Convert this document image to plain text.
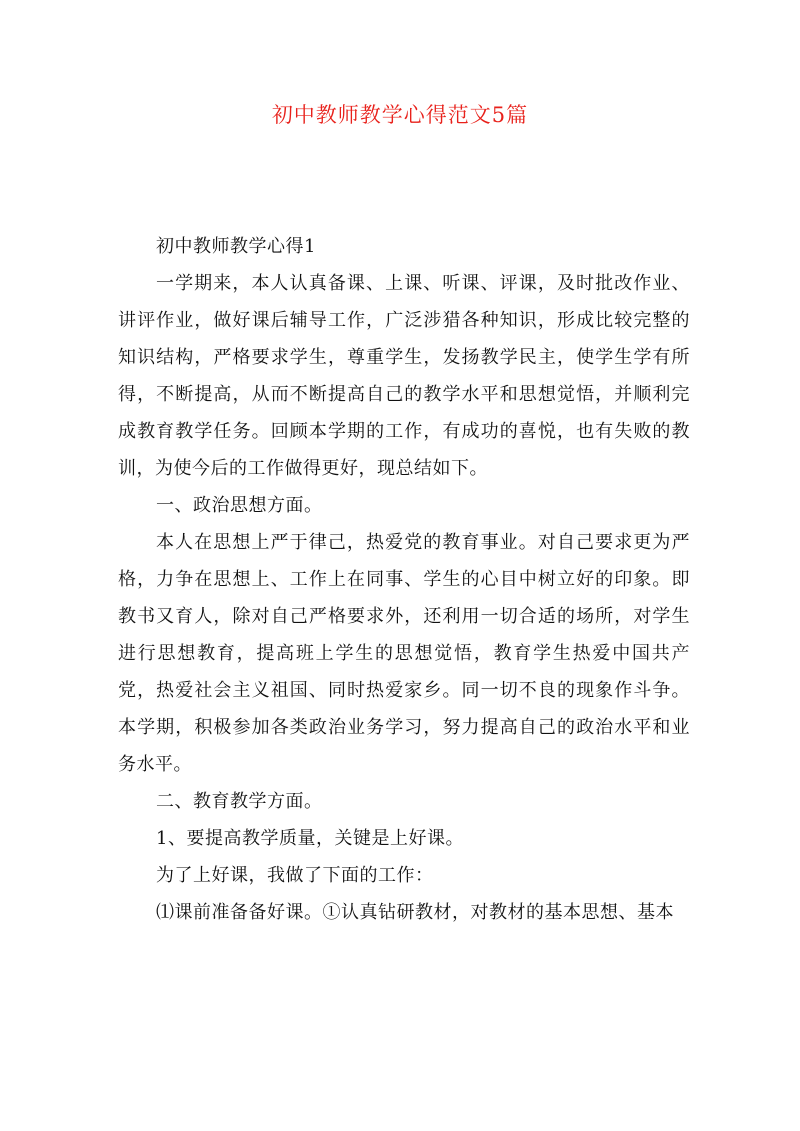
初中教师教学心得范文5篇

初中教师教学心得1

一学期来，本人认真备课、上课、听课、评课，及时批改作业、讲评作业，做好课后辅导工作，广泛涉猎各种知识，形成比较完整的知识结构，严格要求学生，尊重学生，发扬教学民主，使学生学有所得，不断提高，从而不断提高自己的教学水平和思想觉悟，并顺利完成教育教学任务。回顾本学期的工作，有成功的喜悦，也有失败的教训，为使今后的工作做得更好，现总结如下。

一、政治思想方面。

本人在思想上严于律己，热爱党的教育事业。对自己要求更为严格，力争在思想上、工作上在同事、学生的心目中树立好的印象。即教书又育人，除对自己严格要求外，还利用一切合适的场所，对学生进行思想教育，提高班上学生的思想觉悟，教育学生热爱中国共产党，热爱社会主义祖国、同时热爱家乡。同一切不良的现象作斗争。本学期，积极参加各类政治业务学习，努力提高自己的政治水平和业务水平。

二、教育教学方面。

1、要提高教学质量，关键是上好课。

为了上好课，我做了下面的工作：

⑴课前准备备好课。①认真钻研教材，对教材的基本思想、基本
